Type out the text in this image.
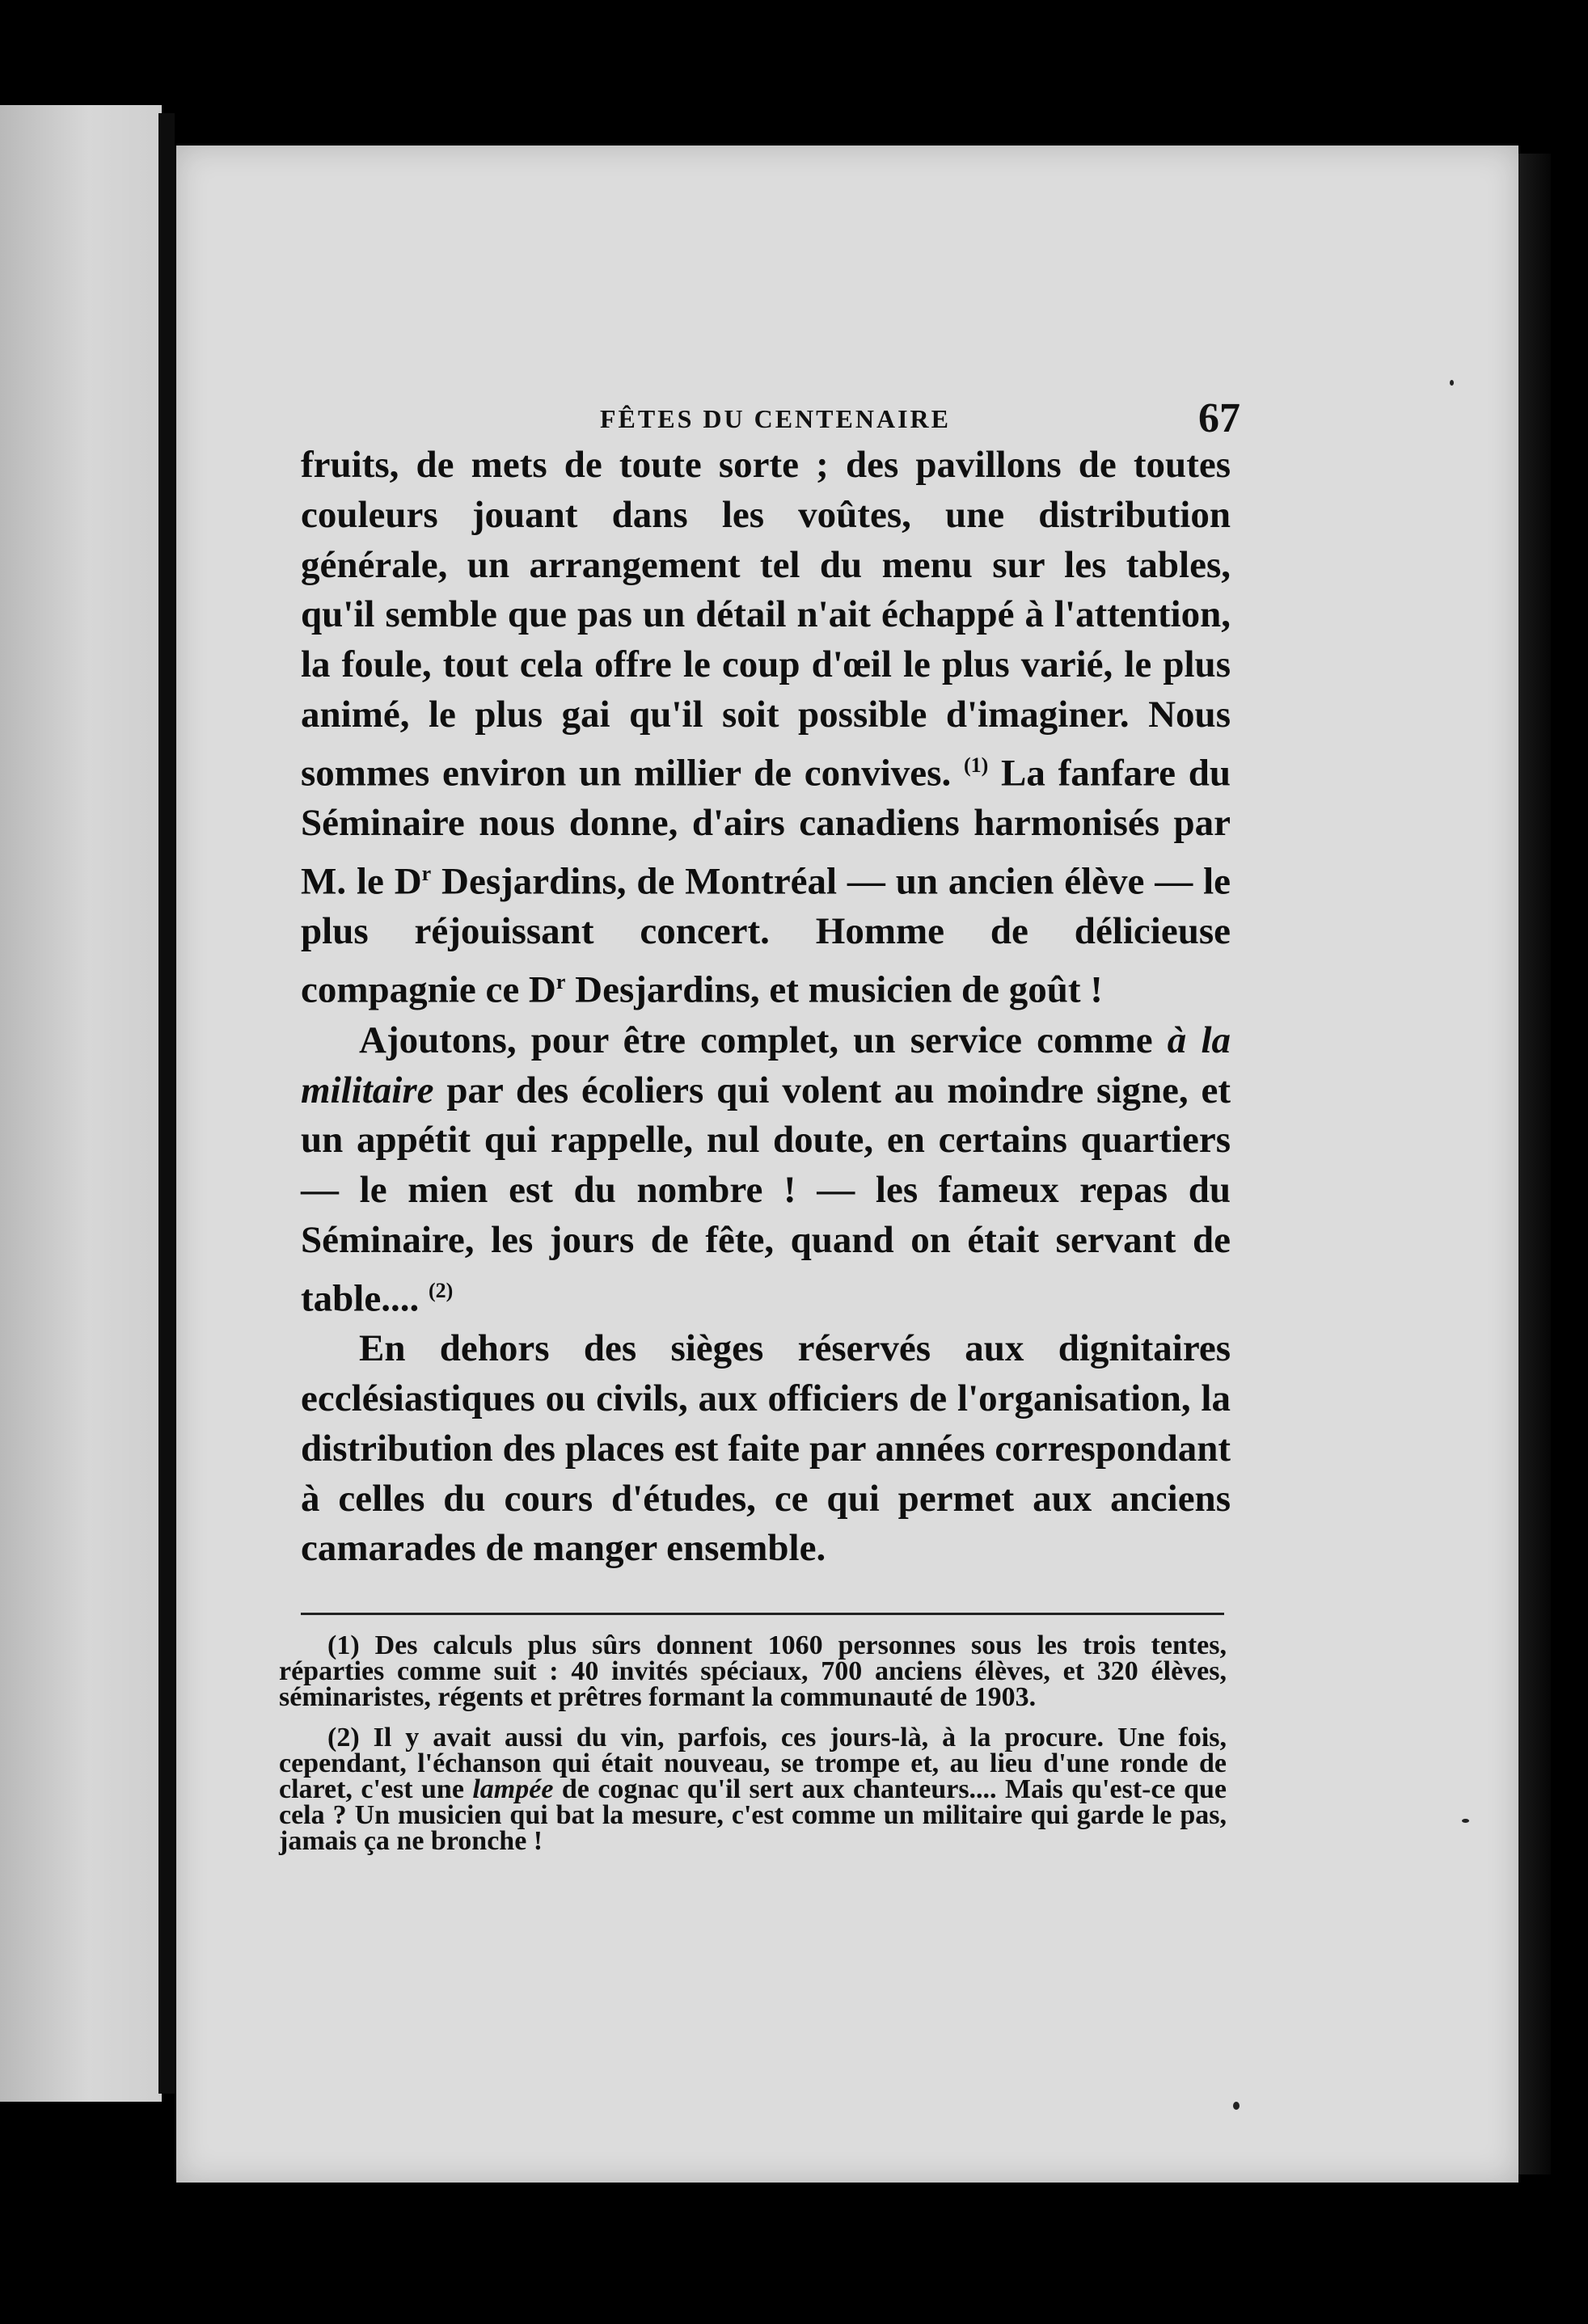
FÊTES DU CENTENAIRE	67

fruits, de mets de toute sorte ; des pavillons de toutes couleurs jouant dans les voûtes, une distribution générale, un arrangement tel du menu sur les tables, qu'il semble que pas un détail n'ait échappé à l'attention, la foule, tout cela offre le coup d'œil le plus varié, le plus animé, le plus gai qu'il soit possible d'imaginer. Nous sommes environ un millier de convives. $^{(1)}$ La fanfare du Séminaire nous donne, d'airs canadiens harmonisés par M. le $D^r$ Desjardins, de Montréal — un ancien élève — le plus réjouissant concert. Homme de délicieuse compagnie ce $D^r$ Desjardins, et musicien de goût !

Ajoutons, pour être complet, un service comme à la militaire par des écoliers qui volent au moindre signe, et un appétit qui rappelle, nul doute, en certains quartiers — le mien est du nombre ! — les fameux repas du Séminaire, les jours de fête, quand on était servant de table.... $^{(2)}$

En dehors des sièges réservés aux dignitaires ecclésiastiques ou civils, aux officiers de l'organisation, la distribution des places est faite par années correspondant à celles du cours d'études, ce qui permet aux anciens camarades de manger ensemble.

(1) Des calculs plus sûrs donnent 1060 personnes sous les trois tentes, réparties comme suit : 40 invités spéciaux, 700 anciens élèves, et 320 élèves, séminaristes, régents et prêtres formant la communauté de 1903.

(2) Il y avait aussi du vin, parfois, ces jours-là, à la procure. Une fois, cependant, l'échanson qui était nouveau, se trompe et, au lieu d'une ronde de claret, c'est une lampée de cognac qu'il sert aux chanteurs.... Mais qu'est-ce que cela ? Un musicien qui bat la mesure, c'est comme un militaire qui garde le pas, jamais ça ne bronche !
